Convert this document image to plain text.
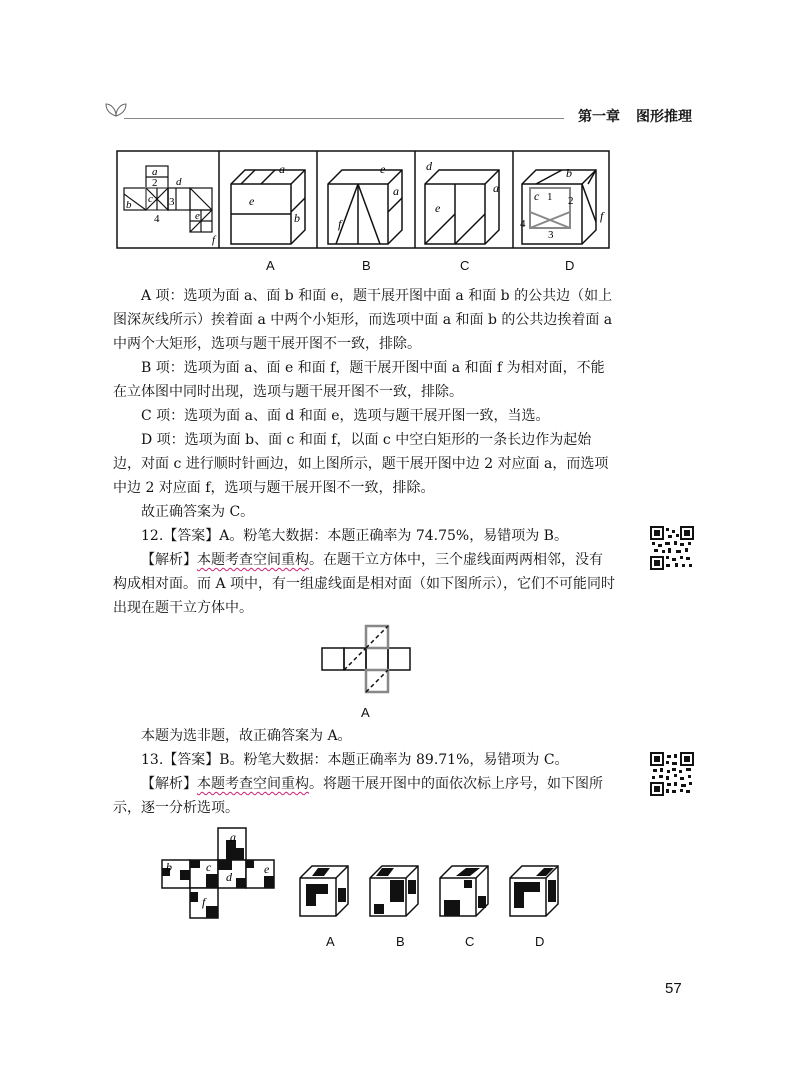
第一章 图形推理
a
2
b c 3
4
d
e
f
a
e
b
e
f
a
d
e
a
b
c 1 2
3
4
f
A	B	C	D
A 项：选项为面 a、面 b 和面 e，题干展开图中面 a 和面 b 的公共边（如上图深灰线所示）挨着面 a 中两个小矩形，而选项中面 a 和面 b 的公共边挨着面 a 中两个大矩形，选项与题干展开图不一致，排除。
B 项：选项为面 a、面 e 和面 f，题干展开图中面 a 和面 f 为相对面，不能在立体图中同时出现，选项与题干展开图不一致，排除。
C 项：选项为面 a、面 d 和面 e，选项与题干展开图一致，当选。
D 项：选项为面 b、面 c 和面 f，以面 c 中空白矩形的一条长边作为起始边，对面 c 进行顺时针画边，如上图所示，题干展开图中边 2 对应面 a，而选项中边 2 对应面 f，选项与题干展开图不一致，排除。
故正确答案为 C。
12.【答案】A。粉笔大数据：本题正确率为 74.75%，易错项为 B。
【解析】本题考查空间重构。在题干立方体中，三个虚线面两两相邻，没有构成相对面。而 A 项中，有一组虚线面是相对面（如下图所示），它们不可能同时出现在题干立方体中。
A
本题为选非题，故正确答案为 A。
13.【答案】B。粉笔大数据：本题正确率为 89.71%，易错项为 C。
【解析】本题考查空间重构。将题干展开图中的面依次标上序号，如下图所示，逐一分析选项。
a
b	c
d
e
f
A	B	C	D
57
